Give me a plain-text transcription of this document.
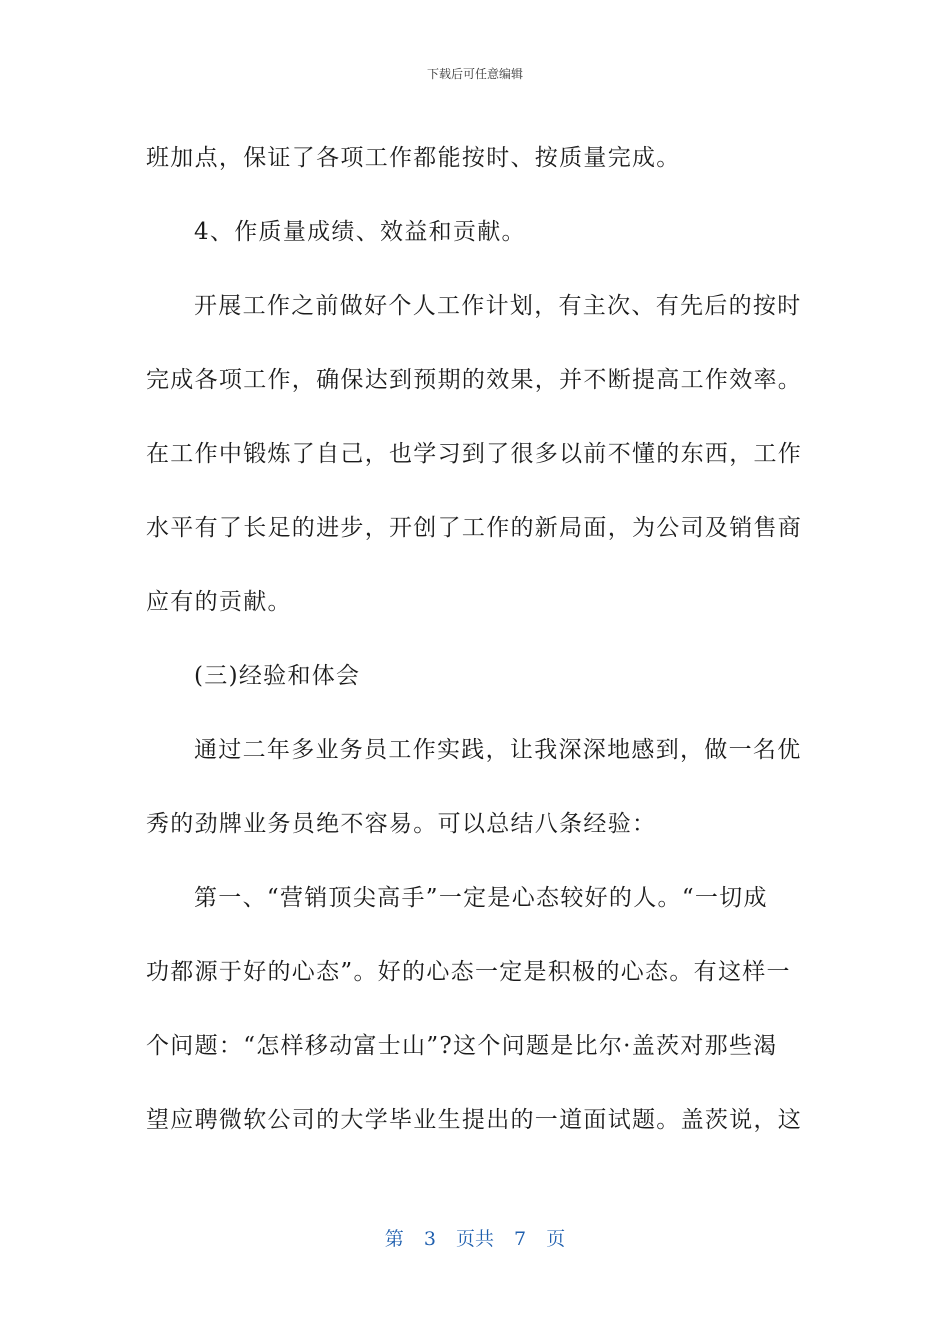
下载后可任意编辑

班加点，保证了各项工作都能按时、按质量完成。

4、作质量成绩、效益和贡献。

开展工作之前做好个人工作计划，有主次、有先后的按时

完成各项工作，确保达到预期的效果，并不断提高工作效率。

在工作中锻炼了自己，也学习到了很多以前不懂的东西，工作

水平有了长足的进步，开创了工作的新局面，为公司及销售商

应有的贡献。

(三)经验和体会

通过二年多业务员工作实践，让我深深地感到，做一名优

秀的劲牌业务员绝不容易。可以总结八条经验：

第一、“营销顶尖高手”一定是心态较好的人。“一切成

功都源于好的心态”。好的心态一定是积极的心态。有这样一

个问题：“怎样移动富士山”?这个问题是比尔·盖茨对那些渴

望应聘微软公司的大学毕业生提出的一道面试题。盖茨说，这

第 3 页共 7 页
